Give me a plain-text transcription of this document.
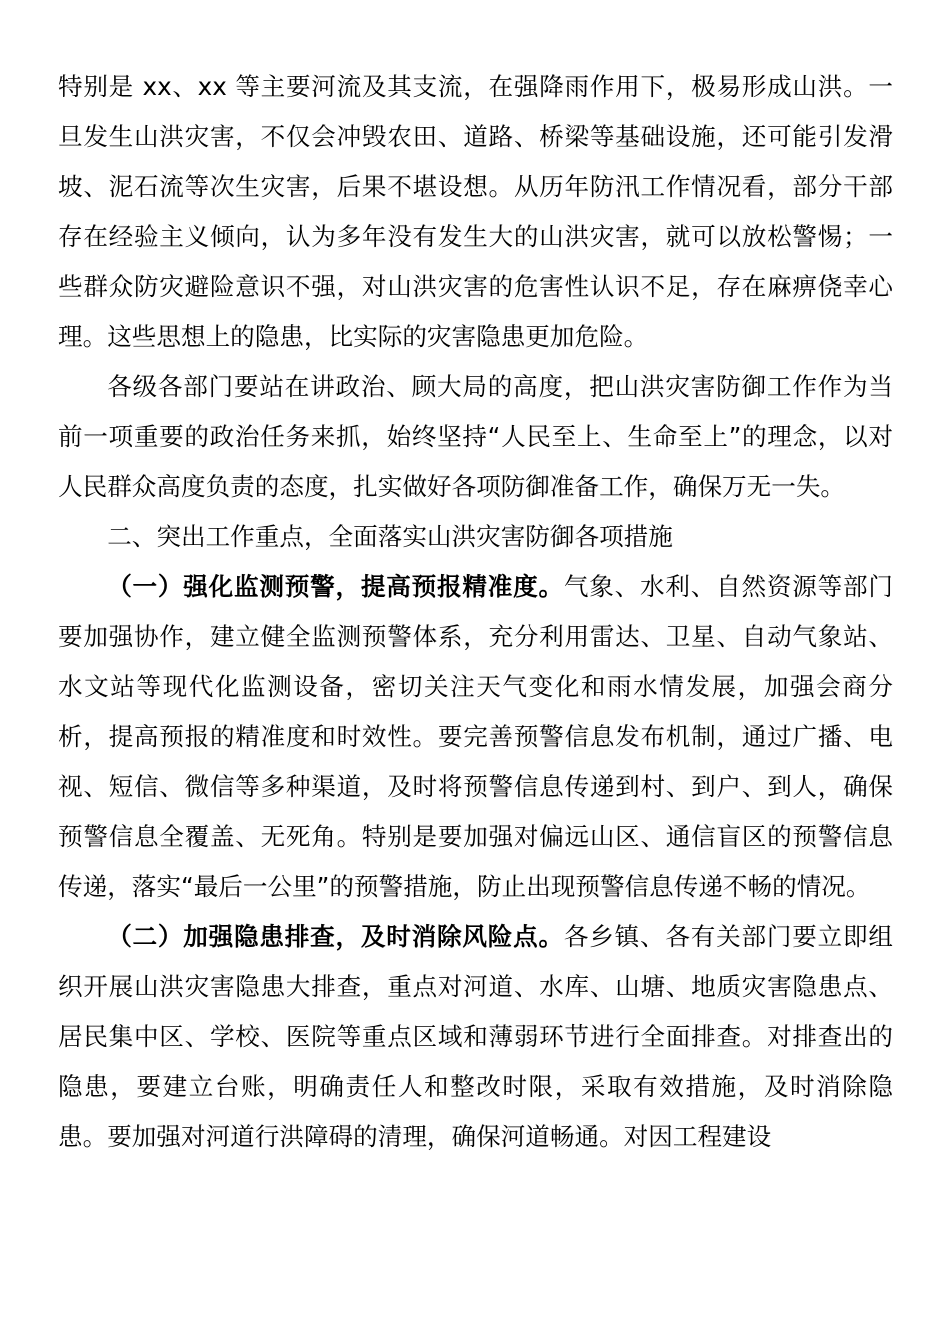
特别是 xx、xx 等主要河流及其支流，在强降雨作用下，极易形成山洪。一旦发生山洪灾害，不仅会冲毁农田、道路、桥梁等基础设施，还可能引发滑坡、泥石流等次生灾害，后果不堪设想。从历年防汛工作情况看，部分干部存在经验主义倾向，认为多年没有发生大的山洪灾害，就可以放松警惕；一些群众防灾避险意识不强，对山洪灾害的危害性认识不足，存在麻痹侥幸心理。这些思想上的隐患，比实际的灾害隐患更加危险。

各级各部门要站在讲政治、顾大局的高度，把山洪灾害防御工作作为当前一项重要的政治任务来抓，始终坚持“人民至上、生命至上”的理念，以对人民群众高度负责的态度，扎实做好各项防御准备工作，确保万无一失。

二、突出工作重点，全面落实山洪灾害防御各项措施

（一）强化监测预警，提高预报精准度。气象、水利、自然资源等部门要加强协作，建立健全监测预警体系，充分利用雷达、卫星、自动气象站、水文站等现代化监测设备，密切关注天气变化和雨水情发展，加强会商分析，提高预报的精准度和时效性。要完善预警信息发布机制，通过广播、电视、短信、微信等多种渠道，及时将预警信息传递到村、到户、到人，确保预警信息全覆盖、无死角。特别是要加强对偏远山区、通信盲区的预警信息传递，落实“最后一公里”的预警措施，防止出现预警信息传递不畅的情况。

（二）加强隐患排查，及时消除风险点。各乡镇、各有关部门要立即组织开展山洪灾害隐患大排查，重点对河道、水库、山塘、地质灾害隐患点、居民集中区、学校、医院等重点区域和薄弱环节进行全面排查。对排查出的隐患，要建立台账，明确责任人和整改时限，采取有效措施，及时消除隐患。要加强对河道行洪障碍的清理，确保河道畅通。对因工程建设
